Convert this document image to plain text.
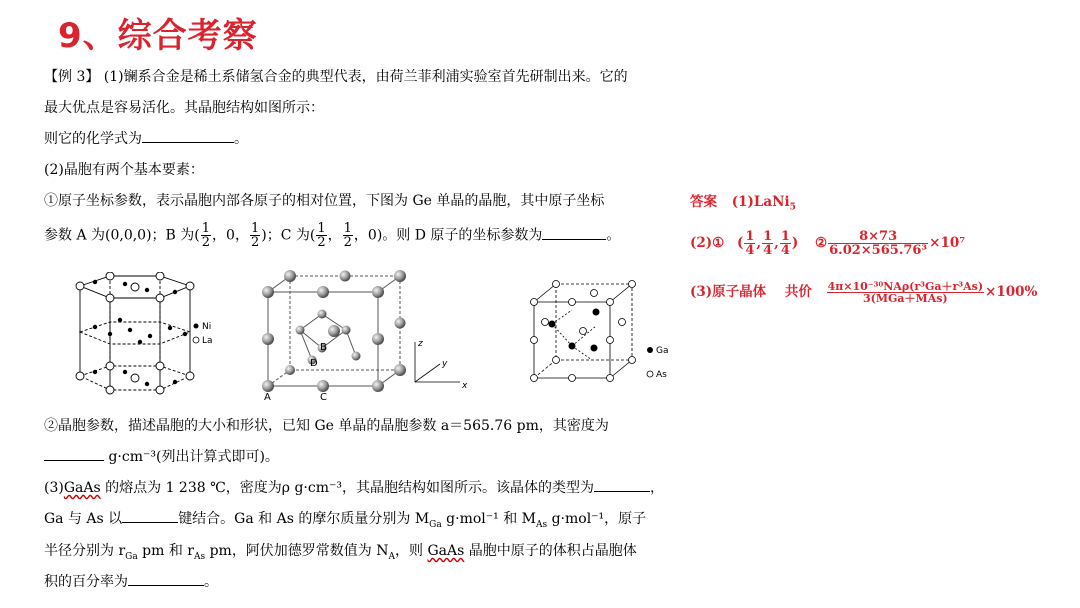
9、综合考察
【例 3】 (1)镧系合金是稀土系储氢合金的典型代表，由荷兰菲利浦实验室首先研制出来。它的
最大优点是容易活化。其晶胞结构如图所示：
则它的化学式为	。
(2)晶胞有两个基本要素：
①原子坐标参数，表示晶胞内部各原子的相对位置，下图为 Ge 单晶的晶胞，其中原子坐标
参数 A 为(0,0,0)；B 为( $\frac{1}{2}$ ，0， $\frac{1}{2}$ )；C 为( $\frac{1}{2}$ ， $\frac{1}{2}$ ，0)。则 D 原子的坐标参数为	。
Ni
La
A
B
C
D
z
y
x
Ga
As
②晶胞参数，描述晶胞的大小和形状，已知 Ge 单晶的晶胞参数 a＝565.76 pm，其密度为
g·cm⁻³(列出计算式即可)。
(3)GaAs 的熔点为 1 238 ℃，密度为ρ g·cm⁻³，其晶胞结构如图所示。该晶体的类型为	，
Ga 与 As 以	键结合。Ga 和 As 的摩尔质量分别为 $M_{Ga}$ g·mol⁻¹ 和 $M_{As}$ g·mol⁻¹，原子
半径分别为 $r_{Ga}$ pm 和 $r_{As}$ pm，阿伏加德罗常数值为 $N_A$，则 GaAs 晶胞中原子的体积占晶胞体
积的百分率为	。
答案 (1)LaNi$_5$
(2)① ( $\frac{1}{4}$ , $\frac{1}{4}$ , $\frac{1}{4}$ ) ② $\frac{8\times 73}{\text{6.02×565.76³}} \times 10^7$
(3)原子晶体 共价 $\frac{\text{4π×10⁻³⁰NAρ(r³Ga＋r³As)}}{\text{3(MGa＋MAs)}} \times 100\%$
